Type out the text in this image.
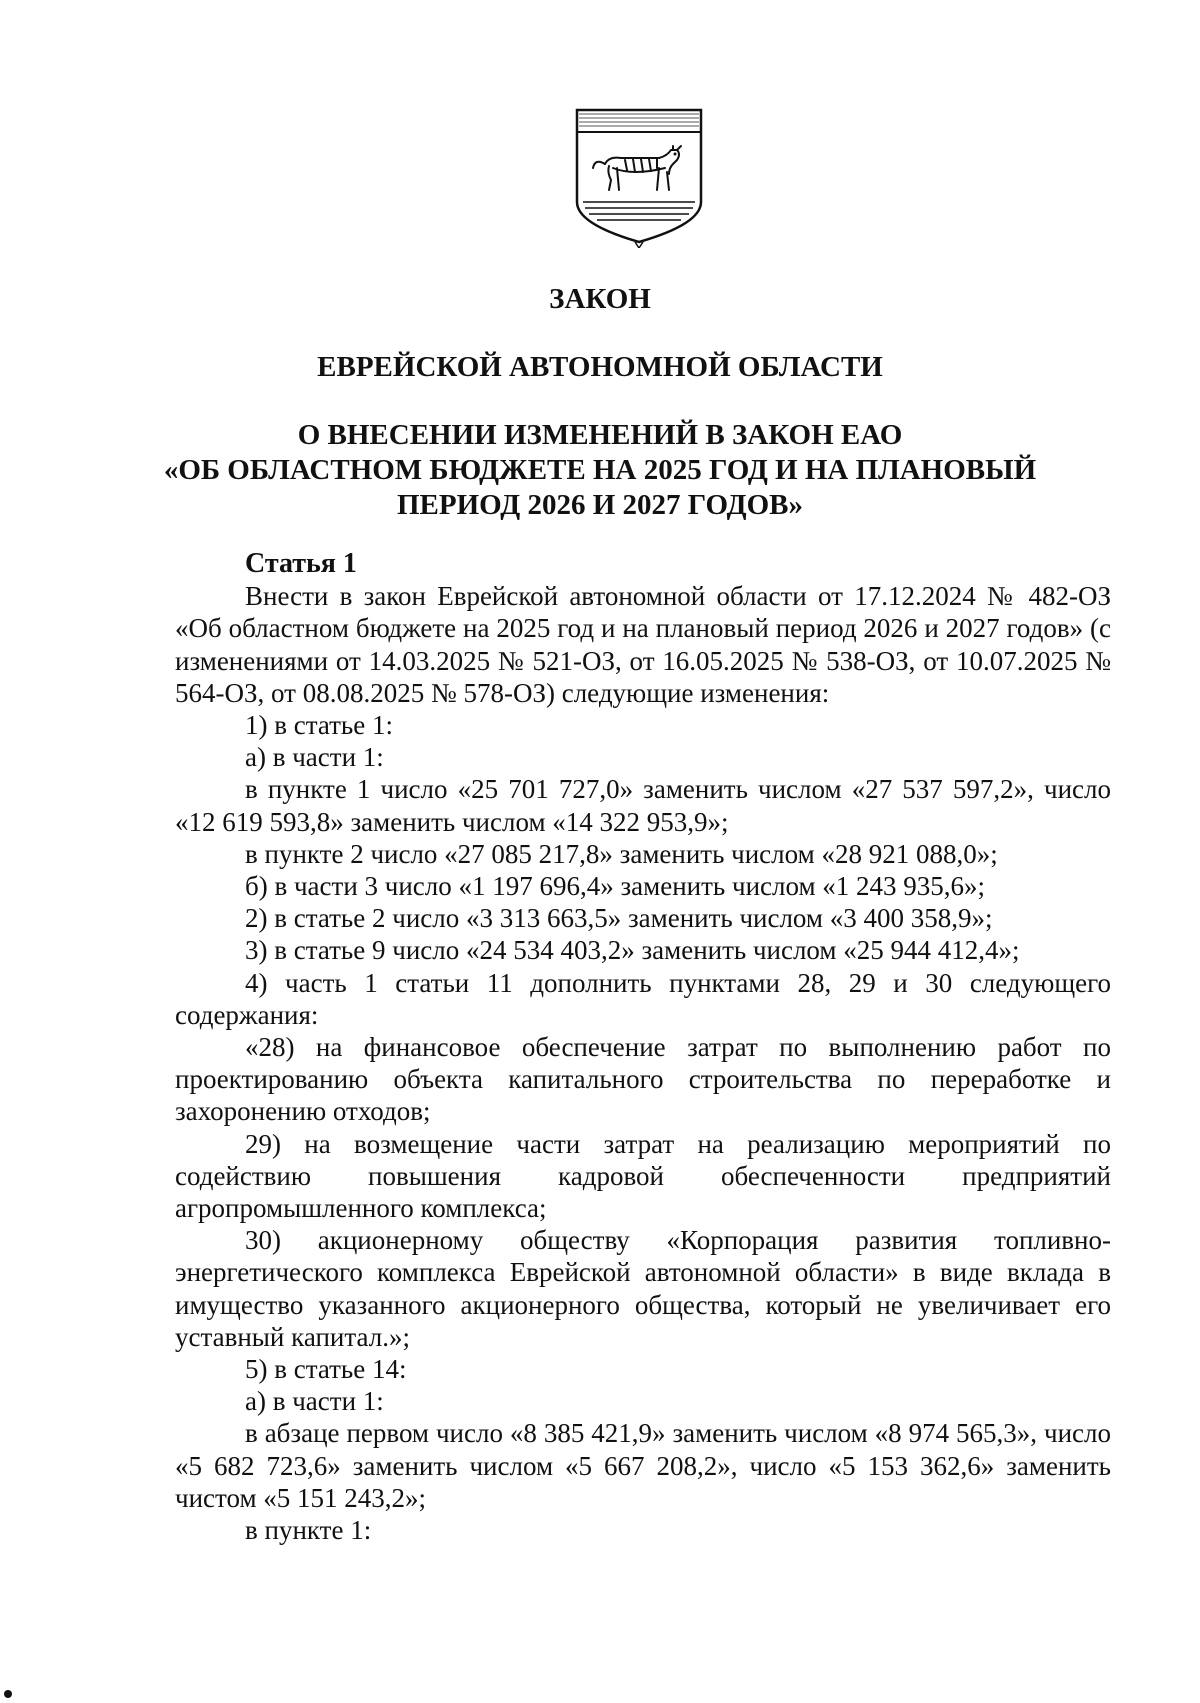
ЗАКОН
ЕВРЕЙСКОЙ АВТОНОМНОЙ ОБЛАСТИ
О ВНЕСЕНИИ ИЗМЕНЕНИЙ В ЗАКОН ЕАО
«ОБ ОБЛАСТНОМ БЮДЖЕТЕ НА 2025 ГОД И НА ПЛАНОВЫЙ
ПЕРИОД 2026 И 2027 ГОДОВ»

Статья 1

Внести в закон Еврейской автономной области от 17.12.2024 № 482-ОЗ «Об областном бюджете на 2025 год и на плановый период 2026 и 2027 годов» (с изменениями от 14.03.2025 № 521-ОЗ, от 16.05.2025 № 538-ОЗ, от 10.07.2025 № 564-ОЗ, от 08.08.2025 № 578-ОЗ) следующие изменения:

1) в статье 1:

а) в части 1:

в пункте 1 число «25 701 727,0» заменить числом «27 537 597,2», число «12 619 593,8» заменить числом «14 322 953,9»;

в пункте 2 число «27 085 217,8» заменить числом «28 921 088,0»;

б) в части 3 число «1 197 696,4» заменить числом «1 243 935,6»;

2) в статье 2 число «3 313 663,5» заменить числом «3 400 358,9»;

3) в статье 9 число «24 534 403,2» заменить числом «25 944 412,4»;

4) часть 1 статьи 11 дополнить пунктами 28, 29 и 30 следующего содержания:

«28) на финансовое обеспечение затрат по выполнению работ по проектированию объекта капитального строительства по переработке и захоронению отходов;

29) на возмещение части затрат на реализацию мероприятий по содействию повышения кадровой обеспеченности предприятий агропромышленного комплекса;

30) акционерному обществу «Корпорация развития топливно-энергетического комплекса Еврейской автономной области» в виде вклада в имущество указанного акционерного общества, который не увеличивает его уставный капитал.»;

5) в статье 14:

а) в части 1:

в абзаце первом число «8 385 421,9» заменить числом «8 974 565,3», число «5 682 723,6» заменить числом «5 667 208,2», число «5 153 362,6» заменить чистом «5 151 243,2»;

в пункте 1:
